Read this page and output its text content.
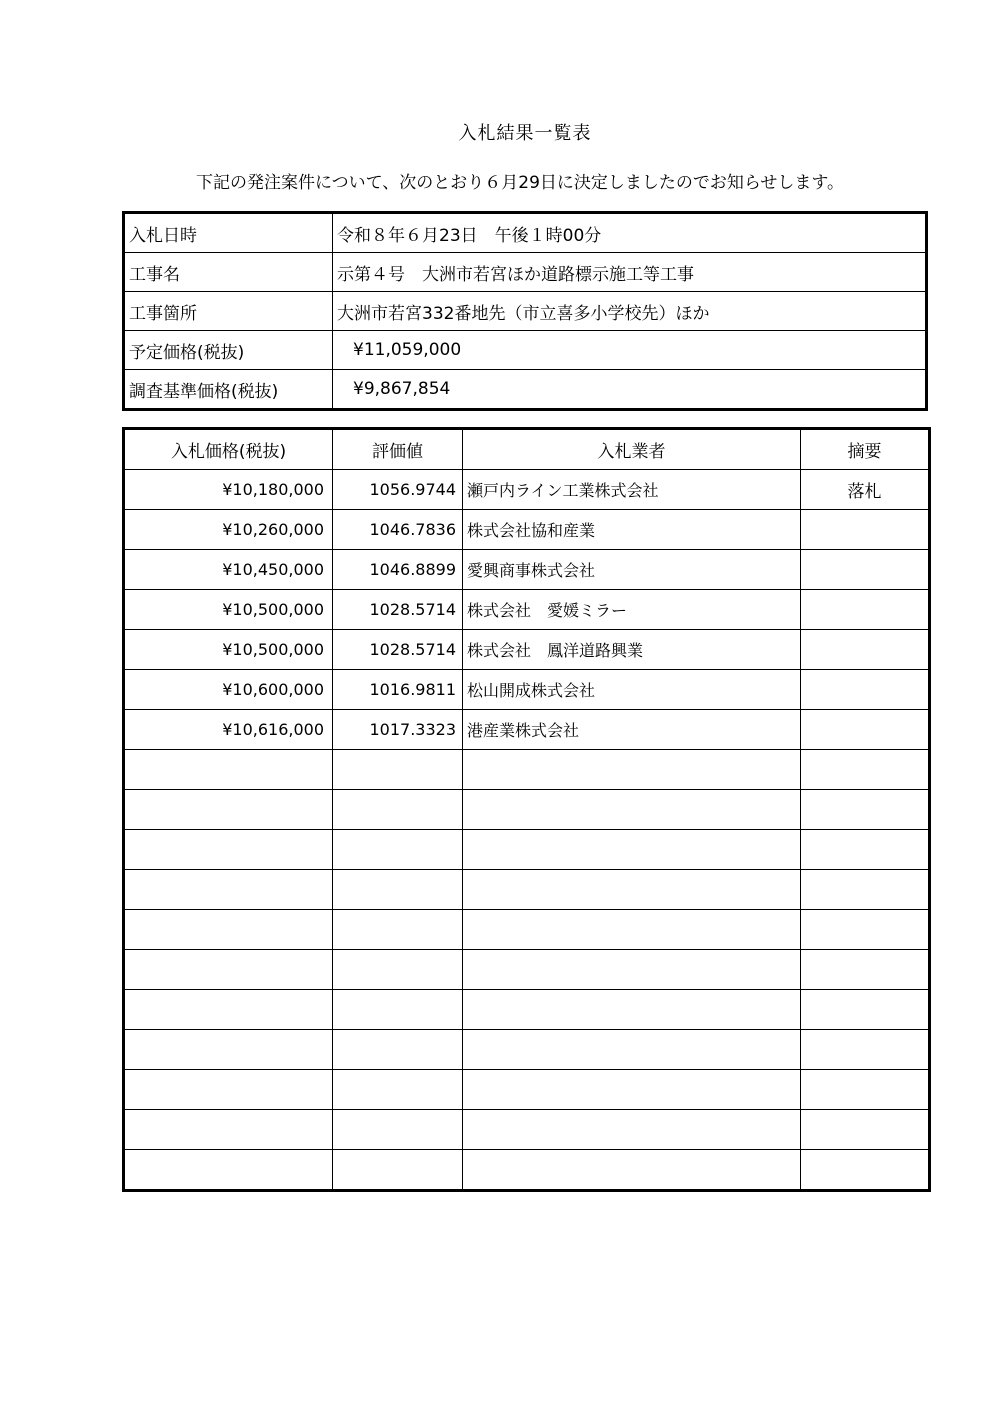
入札結果一覧表
下記の発注案件について、次のとおり６月29日に決定しましたのでお知らせします。
入札日時	令和８年６月23日　午後１時00分
工事名	示第４号　大洲市若宮ほか道路標示施工等工事
工事箇所	大洲市若宮332番地先（市立喜多小学校先）ほか
予定価格(税抜)	¥11,059,000
調査基準価格(税抜)	¥9,867,854
入札価格(税抜)	評価値	入札業者	摘要
¥10,180,000	1056.9744	瀬戸内ライン工業株式会社	落札
¥10,260,000	1046.7836	株式会社協和産業	
¥10,450,000	1046.8899	愛興商事株式会社	
¥10,500,000	1028.5714	株式会社　愛媛ミラー	
¥10,500,000	1028.5714	株式会社　鳳洋道路興業	
¥10,600,000	1016.9811	松山開成株式会社	
¥10,616,000	1017.3323	港産業株式会社	
